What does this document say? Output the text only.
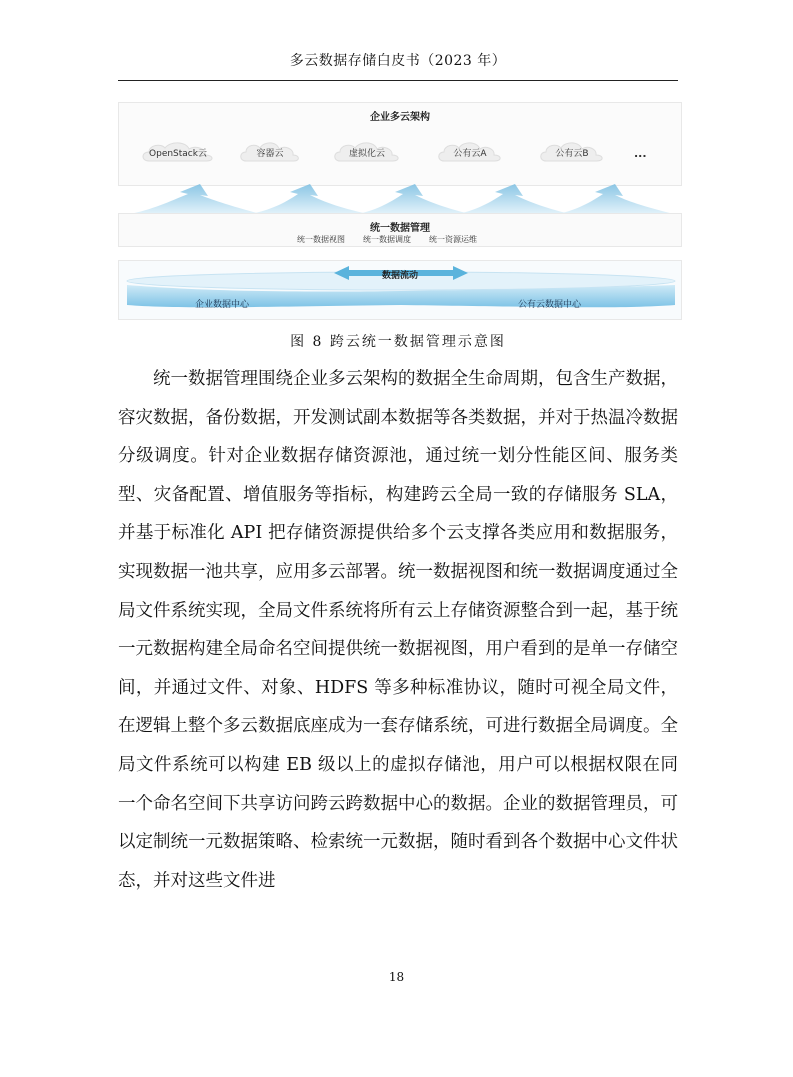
多云数据存储白皮书（2023 年）
企业多云架构
OpenStack云	容器云	虚拟化云	公有云A	公有云B	...
统一数据管理
统一数据视图 统一数据调度 统一资源运维
数据流动
企业数据中心	公有云数据中心
图 8 跨云统一数据管理示意图

统一数据管理围绕企业多云架构的数据全生命周期，包含生产数据，容灾数据，备份数据，开发测试副本数据等各类数据，并对于热温冷数据分级调度。针对企业数据存储资源池，通过统一划分性能区间、服务类型、灾备配置、增值服务等指标，构建跨云全局一致的存储服务 SLA，并基于标准化 API 把存储资源提供给多个云支撑各类应用和数据服务，实现数据一池共享，应用多云部署。统一数据视图和统一数据调度通过全局文件系统实现，全局文件系统将所有云上存储资源整合到一起，基于统一元数据构建全局命名空间提供统一数据视图，用户看到的是单一存储空间，并通过文件、对象、HDFS 等多种标准协议，随时可视全局文件，在逻辑上整个多云数据底座成为一套存储系统，可进行数据全局调度。全局文件系统可以构建 EB 级以上的虚拟存储池，用户可以根据权限在同一个命名空间下共享访问跨云跨数据中心的数据。企业的数据管理员，可以定制统一元数据策略、检索统一元数据，随时看到各个数据中心文件状态，并对这些文件进

18
